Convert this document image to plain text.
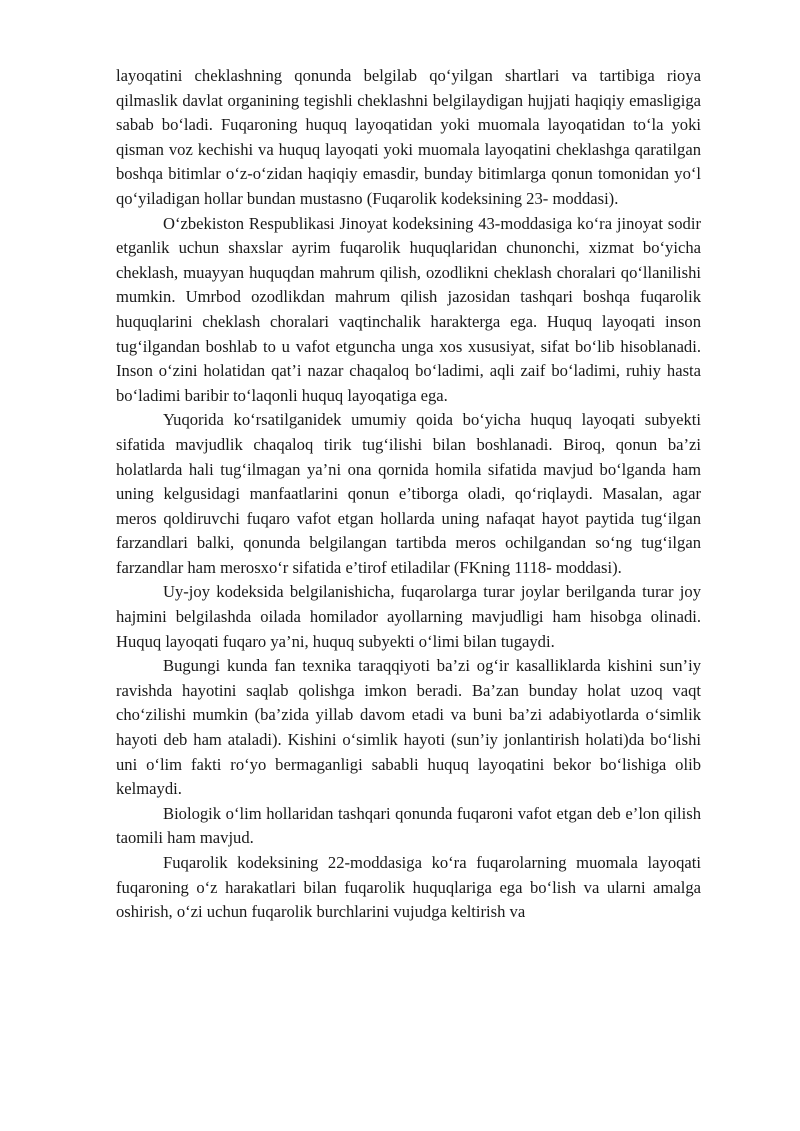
layoqatini cheklashning qonunda belgilab qo‘yilgan shartlari va tartibiga rioya qilmaslik davlat organining tegishli cheklashni belgilaydigan hujjati haqiqiy emasligiga sabab bo‘ladi. Fuqaroning huquq layoqatidan yoki muomala layoqatidan to‘la yoki qisman voz kechishi va huquq layoqati yoki muomala layoqatini cheklashga qaratilgan boshqa bitimlar o‘z-o‘zidan haqiqiy emasdir, bunday bitimlarga qonun tomonidan yo‘l qo‘yiladigan hollar bundan mustasno (Fuqarolik kodeksining 23- moddasi).

O‘zbekiston Respublikasi Jinoyat kodeksining 43-moddasiga ko‘ra jinoyat sodir etganlik uchun shaxslar ayrim fuqarolik huquqlaridan chunonchi, xizmat bo‘yicha cheklash, muayyan huquqdan mahrum qilish, ozodlikni cheklash choralari qo‘llanilishi mumkin. Umrbod ozodlikdan mahrum qilish jazosidan tashqari boshqa fuqarolik huquqlarini cheklash choralari vaqtinchalik harakterga ega. Huquq layoqati inson tug‘ilgandan boshlab to u vafot etguncha unga xos xususiyat, sifat bo‘lib hisoblanadi. Inson o‘zini holatidan qat’i nazar chaqaloq bo‘ladimi, aqli zaif bo‘ladimi, ruhiy hasta bo‘ladimi baribir to‘laqonli huquq layoqatiga ega.

Yuqorida ko‘rsatilganidek umumiy qoida bo‘yicha huquq layoqati subyekti sifatida mavjudlik chaqaloq tirik tug‘ilishi bilan boshlanadi. Biroq, qonun ba’zi holatlarda hali tug‘ilmagan ya’ni ona qornida homila sifatida mavjud bo‘lganda ham uning kelgusidagi manfaatlarini qonun e’tiborga oladi, qo‘riqlaydi. Masalan, agar meros qoldiruvchi fuqaro vafot etgan hollarda uning nafaqat hayot paytida tug‘ilgan farzandlari balki, qonunda belgilangan tartibda meros ochilgandan so‘ng tug‘ilgan farzandlar ham merosxo‘r sifatida e’tirof etiladilar (FKning 1118- moddasi).

Uy-joy kodeksida belgilanishicha, fuqarolarga turar joylar berilganda turar joy hajmini belgilashda oilada homilador ayollarning mavjudligi ham hisobga olinadi. Huquq layoqati fuqaro ya’ni, huquq subyekti o‘limi bilan tugaydi.

Bugungi kunda fan texnika taraqqiyoti ba’zi og‘ir kasalliklarda kishini sun’iy ravishda hayotini saqlab qolishga imkon beradi. Ba’zan bunday holat uzoq vaqt cho‘zilishi mumkin (ba’zida yillab davom etadi va buni ba’zi adabiyotlarda o‘simlik hayoti deb ham ataladi). Kishini o‘simlik hayoti (sun’iy jonlantirish holati)da bo‘lishi uni o‘lim fakti ro‘yo bermaganligi sababli huquq layoqatini bekor bo‘lishiga olib kelmaydi.

Biologik o‘lim hollaridan tashqari qonunda fuqaroni vafot etgan deb e’lon qilish taomili ham mavjud.

Fuqarolik kodeksining 22-moddasiga ko‘ra fuqarolarning muomala layoqati fuqaroning o‘z harakatlari bilan fuqarolik huquqlariga ega bo‘lish va ularni amalga oshirish, o‘zi uchun fuqarolik burchlarini vujudga keltirish va
